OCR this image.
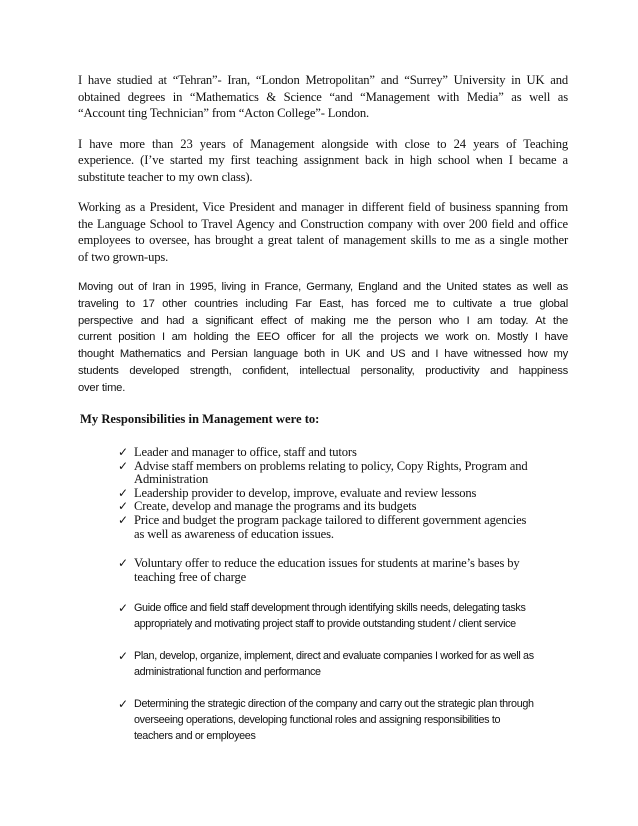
I have studied at “Tehran”- Iran, “London Metropolitan” and “Surrey” University in UK and
obtained degrees in “Mathematics & Science “and “Management with Media” as well as
“Account ting Technician” from “Acton College”- London.
I have more than 23 years of Management alongside with close to 24 years of Teaching
experience. (I’ve started my first teaching assignment back in high school when I became a
substitute teacher to my own class).
Working as a President, Vice President and manager in different field of business spanning from
the Language School to Travel Agency and Construction company with over 200 field and office
employees to oversee, has brought a great talent of management skills to me as a single mother
of two grown-ups.
Moving out of Iran in 1995, living in France, Germany, England and the United states as well as
traveling to 17 other countries including Far East, has forced me to cultivate a true global
perspective and had a significant effect of making me the person who I am today. At the
current position I am holding the EEO officer for all the projects we work on. Mostly I have
thought Mathematics and Persian language both in UK and US and I have witnessed how my
students developed strength, confident, intellectual personality, productivity and happiness
over time.
My Responsibilities in Management were to:
✓ Leader and manager to office, staff and tutors
✓ Advise staff members on problems relating to policy, Copy Rights, Program and
Administration
✓ Leadership provider to develop, improve, evaluate and review lessons
✓ Create, develop and manage the programs and its budgets
✓ Price and budget the program package tailored to different government agencies
as well as awareness of education issues.
✓ Voluntary offer to reduce the education issues for students at marine’s bases by
teaching free of charge
✓ Guide office and field staff development through identifying skills needs, delegating tasks
appropriately and motivating project staff to provide outstanding student / client service
✓ Plan, develop, organize, implement, direct and evaluate companies I worked for as well as
administrational function and performance
✓ Determining the strategic direction of the company and carry out the strategic plan through
overseeing operations, developing functional roles and assigning responsibilities to
teachers and or employees
